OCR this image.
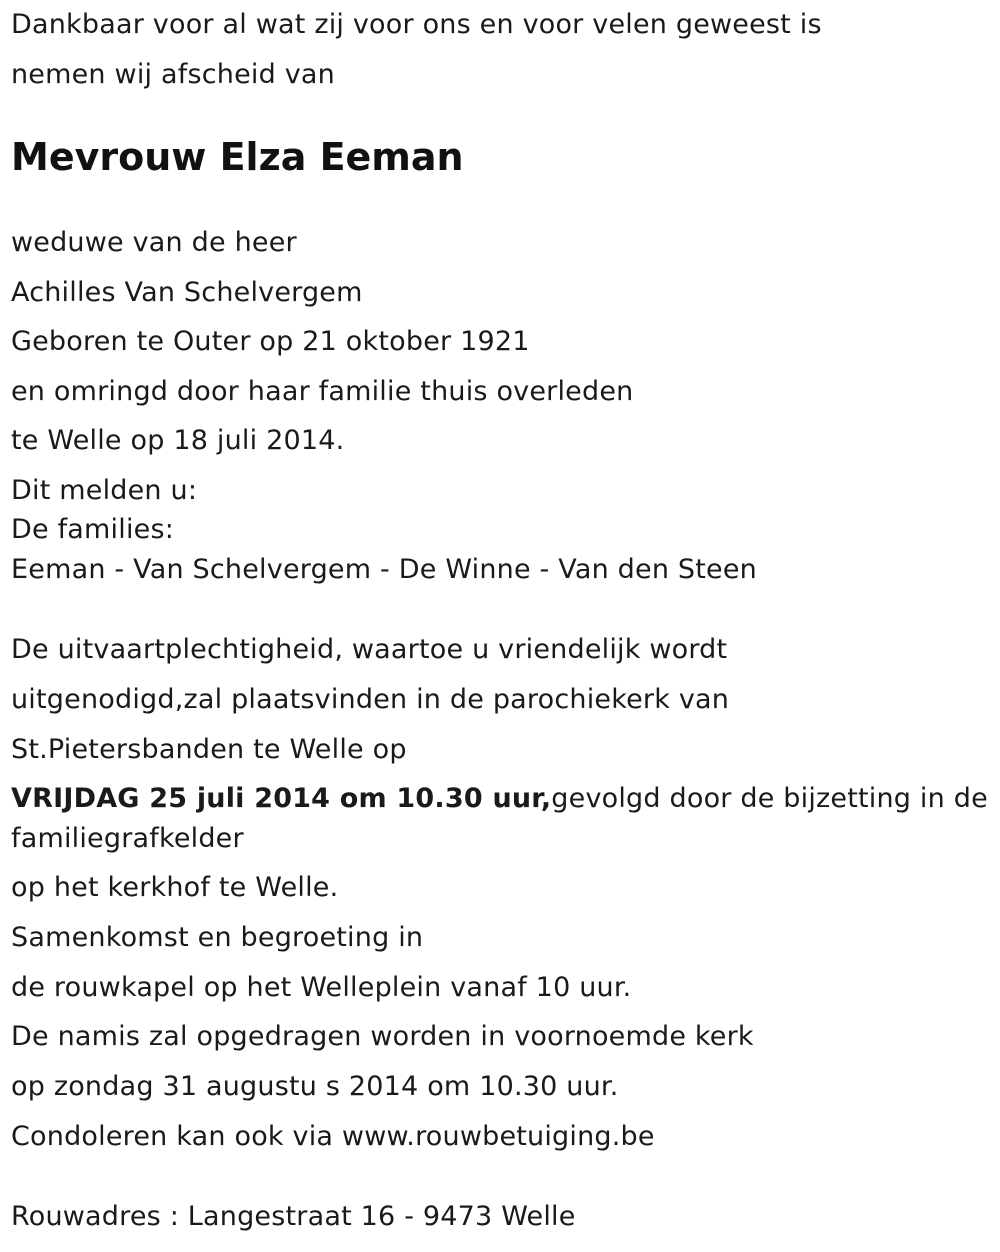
Dankbaar voor al wat zij voor ons en voor velen geweest is
nemen wij afscheid van
Mevrouw Elza Eeman
weduwe van de heer
Achilles Van Schelvergem
Geboren te Outer op 21 oktober 1921
en omringd door haar familie thuis overleden
te Welle op 18 juli 2014.
Dit melden u:
De families:
Eeman - Van Schelvergem - De Winne - Van den Steen
De uitvaartplechtigheid, waartoe u vriendelijk wordt
uitgenodigd,zal plaatsvinden in de parochiekerk van
St.Pietersbanden te Welle op
VRIJDAG 25 juli 2014 om 10.30 uur,gevolgd door de bijzetting in de
familiegrafkelder
op het kerkhof te Welle.
Samenkomst en begroeting in
de rouwkapel op het Welleplein vanaf 10 uur.
De namis zal opgedragen worden in voornoemde kerk
op zondag 31 augustu s 2014 om 10.30 uur.
Condoleren kan ook via www.rouwbetuiging.be
Rouwadres : Langestraat 16 - 9473 Welle
